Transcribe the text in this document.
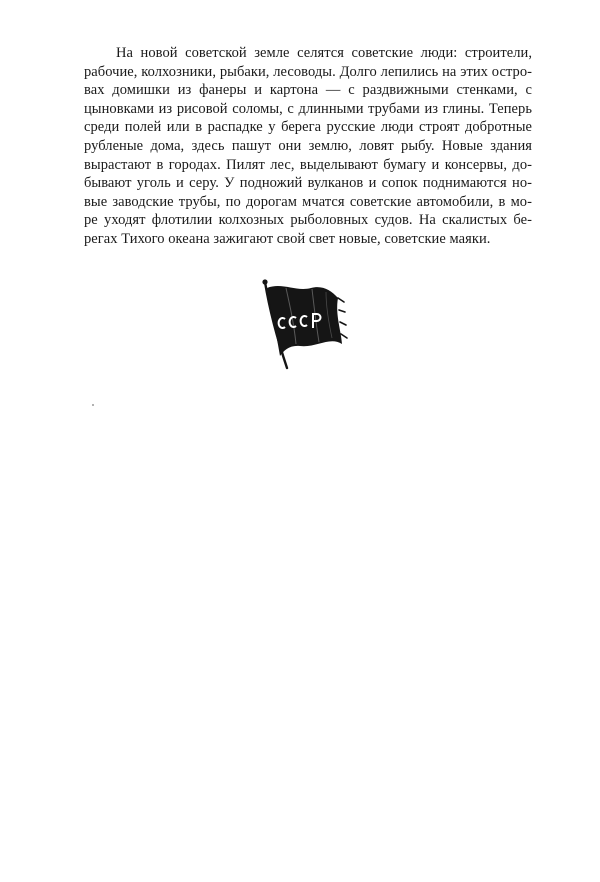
На новой советской земле селятся советские люди: строители,
рабочие, колхозники, рыбаки, лесоводы. Долго лепились на этих остро-
вах домишки из фанеры и картона — с раздвижными стенками, с
цыновками из рисовой соломы, с длинными трубами из глины. Теперь
среди полей или в распадке у берега русские люди строят добротные
рубленые дома, здесь пашут они землю, ловят рыбу. Новые здания
вырастают в городах. Пилят лес, выделывают бумагу и консервы, до-
бывают уголь и серу. У подножий вулканов и сопок поднимаются но-
вые заводские трубы, по дорогам мчатся советские автомобили, в мо-
ре уходят флотилии колхозных рыболовных судов. На скалистых бе-
регах Тихого океана зажигают свой свет новые, советские маяки.
